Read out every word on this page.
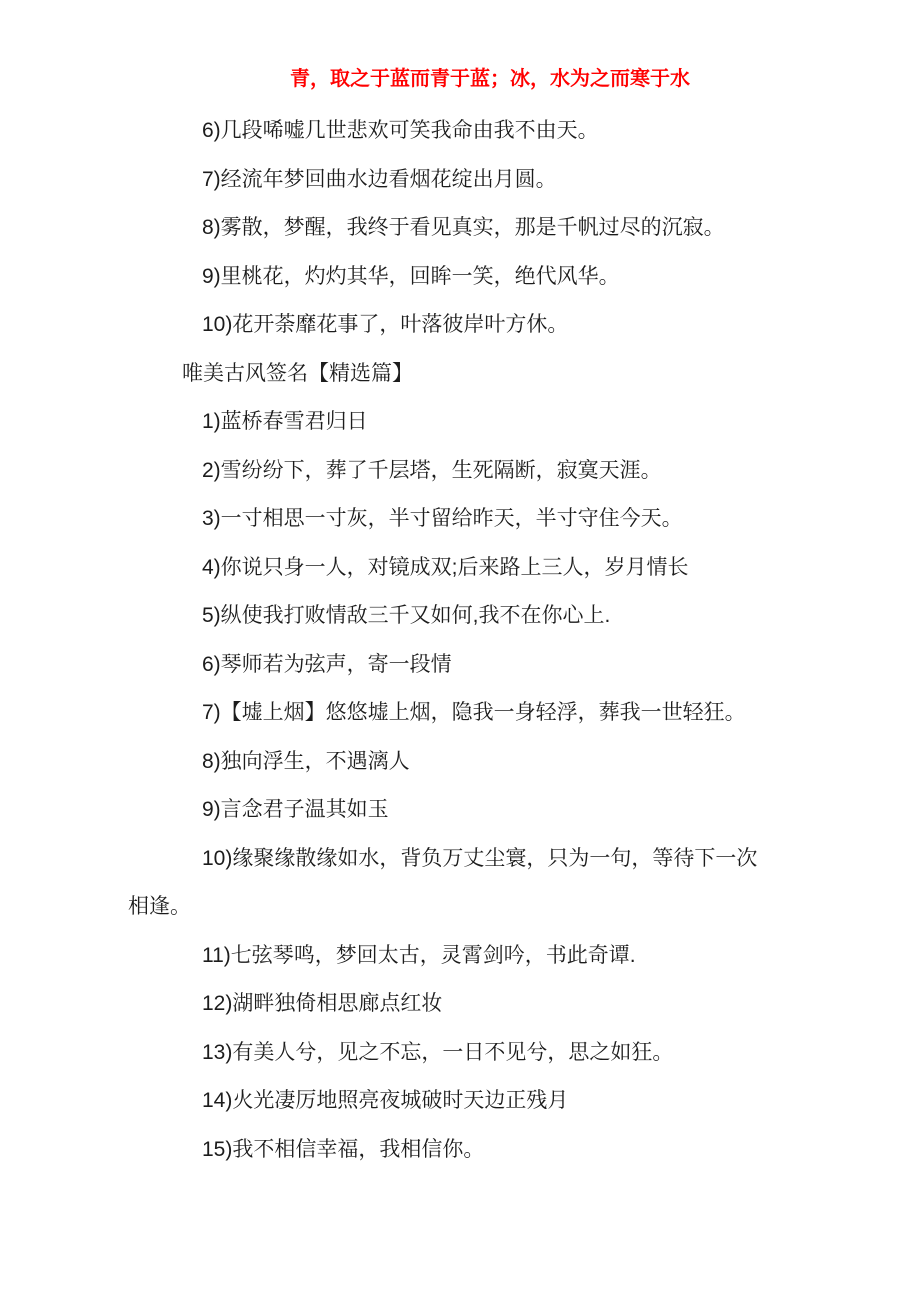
青，取之于蓝而青于蓝；冰，水为之而寒于水

6)几段唏嘘几世悲欢可笑我命由我不由天。

7)经流年梦回曲水边看烟花绽出月圆。

8)雾散，梦醒，我终于看见真实，那是千帆过尽的沉寂。

9)里桃花，灼灼其华，回眸一笑，绝代风华。

10)花开荼靡花事了，叶落彼岸叶方休。

唯美古风签名【精选篇】

1)蓝桥春雪君归日

2)雪纷纷下，葬了千层塔，生死隔断，寂寞天涯。

3)一寸相思一寸灰，半寸留给昨天，半寸守住今天。

4)你说只身一人，对镜成双;后来路上三人，岁月情长

5)纵使我打败情敌三千又如何,我不在你心上.

6)琴师若为弦声，寄一段情

7)【墟上烟】悠悠墟上烟，隐我一身轻浮，葬我一世轻狂。

8)独向浮生，不遇漓人

9)言念君子温其如玉

10)缘聚缘散缘如水，背负万丈尘寰，只为一句，等待下一次

相逢。

11)七弦琴鸣，梦回太古，灵霄剑吟，书此奇谭.

12)湖畔独倚相思廊点红妆

13)有美人兮，见之不忘，一日不见兮，思之如狂。

14)火光凄厉地照亮夜城破时天边正残月

15)我不相信幸福，我相信你。
